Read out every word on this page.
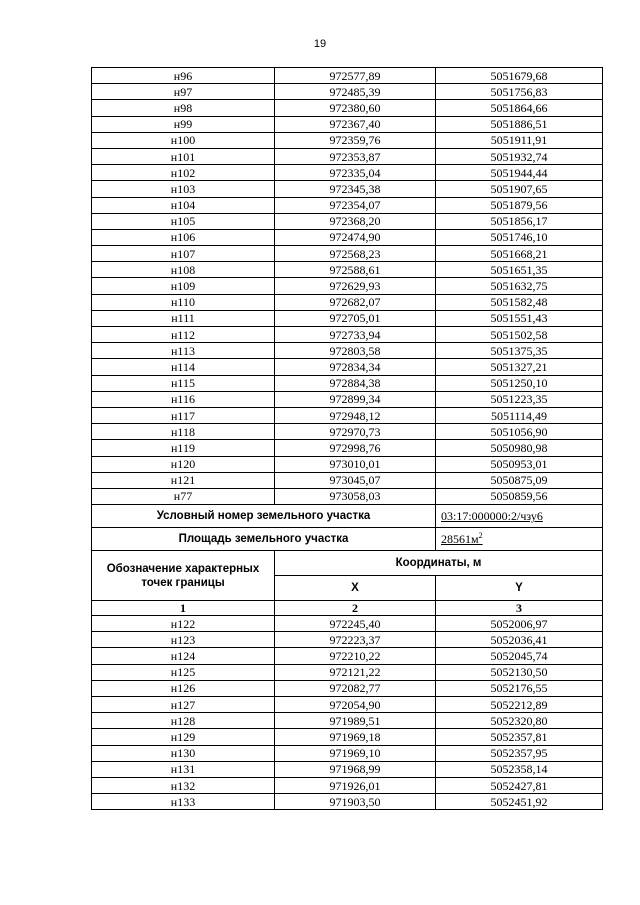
19
н96	972577,89	5051679,68
н97	972485,39	5051756,83
н98	972380,60	5051864,66
н99	972367,40	5051886,51
н100	972359,76	5051911,91
н101	972353,87	5051932,74
н102	972335,04	5051944,44
н103	972345,38	5051907,65
н104	972354,07	5051879,56
н105	972368,20	5051856,17
н106	972474,90	5051746,10
н107	972568,23	5051668,21
н108	972588,61	5051651,35
н109	972629,93	5051632,75
н110	972682,07	5051582,48
н111	972705,01	5051551,43
н112	972733,94	5051502,58
н113	972803,58	5051375,35
н114	972834,34	5051327,21
н115	972884,38	5051250,10
н116	972899,34	5051223,35
н117	972948,12	5051114,49
н118	972970,73	5051056,90
н119	972998,76	5050980,98
н120	973010,01	5050953,01
н121	973045,07	5050875,09
н77	973058,03	5050859,56
Условный номер земельного участка		03:17:000000:2/чзу6
Площадь земельного участка		$28561м^2$
Обозначение характерных точек границы	Координаты, м	
	X	Y
1	2	3
н122	972245,40	5052006,97
н123	972223,37	5052036,41
н124	972210,22	5052045,74
н125	972121,22	5052130,50
н126	972082,77	5052176,55
н127	972054,90	5052212,89
н128	971989,51	5052320,80
н129	971969,18	5052357,81
н130	971969,10	5052357,95
н131	971968,99	5052358,14
н132	971926,01	5052427,81
н133	971903,50	5052451,92
